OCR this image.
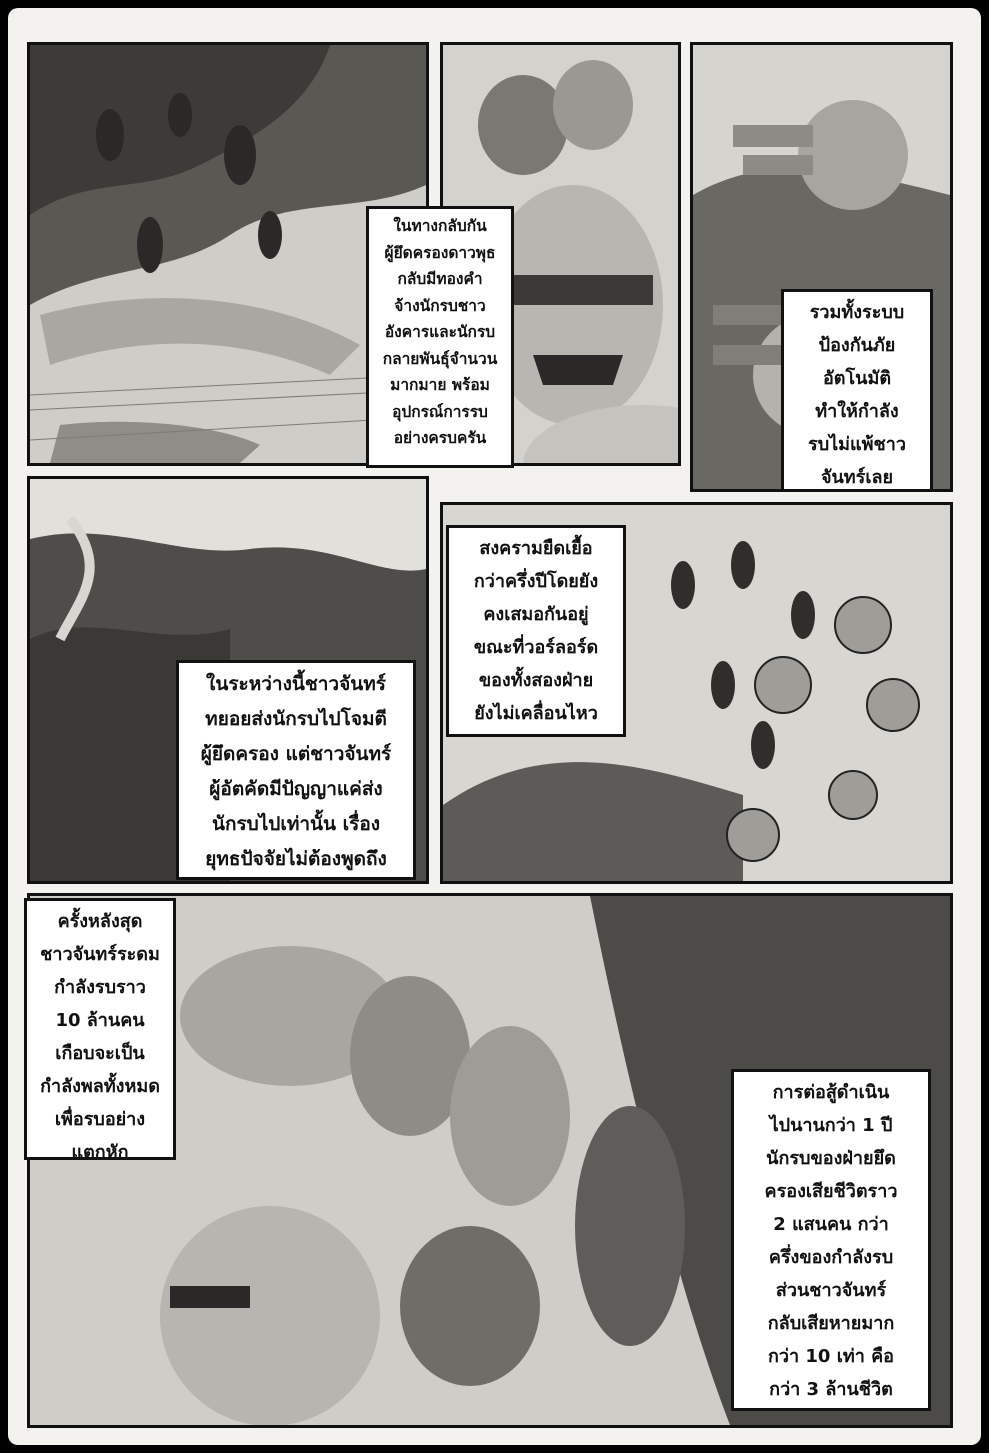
ในทางกลับกัน
ผู้ยึดครองดาวพุธ
กลับมีทองคำ
จ้างนักรบชาว
อังคารและนักรบ
กลายพันธุ์จำนวน
มากมาย พร้อม
อุปกรณ์การรบ
อย่างครบครัน
รวมทั้งระบบ
ป้องกันภัย
อัตโนมัติ
ทำให้กำลัง
รบไม่แพ้ชาว
จันทร์เลย
สงครามยืดเยื้อ
กว่าครึ่งปีโดยยัง
คงเสมอกันอยู่
ขณะที่วอร์ลอร์ด
ของทั้งสองฝ่าย
ยังไม่เคลื่อนไหว
ในระหว่างนี้ชาวจันทร์
ทยอยส่งนักรบไปโจมตี
ผู้ยึดครอง แต่ชาวจันทร์
ผู้อัตคัดมีปัญญาแค่ส่ง
นักรบไปเท่านั้น เรื่อง
ยุทธปัจจัยไม่ต้องพูดถึง
ครั้งหลังสุด
ชาวจันทร์ระดม
กำลังรบราว
10 ล้านคน
เกือบจะเป็น
กำลังพลทั้งหมด
เพื่อรบอย่าง
แตกหัก
การต่อสู้ดำเนิน
ไปนานกว่า 1 ปี
นักรบของฝ่ายยึด
ครองเสียชีวิตราว
2 แสนคน กว่า
ครึ่งของกำลังรบ
ส่วนชาวจันทร์
กลับเสียหายมาก
กว่า 10 เท่า คือ
กว่า 3 ล้านชีวิต
